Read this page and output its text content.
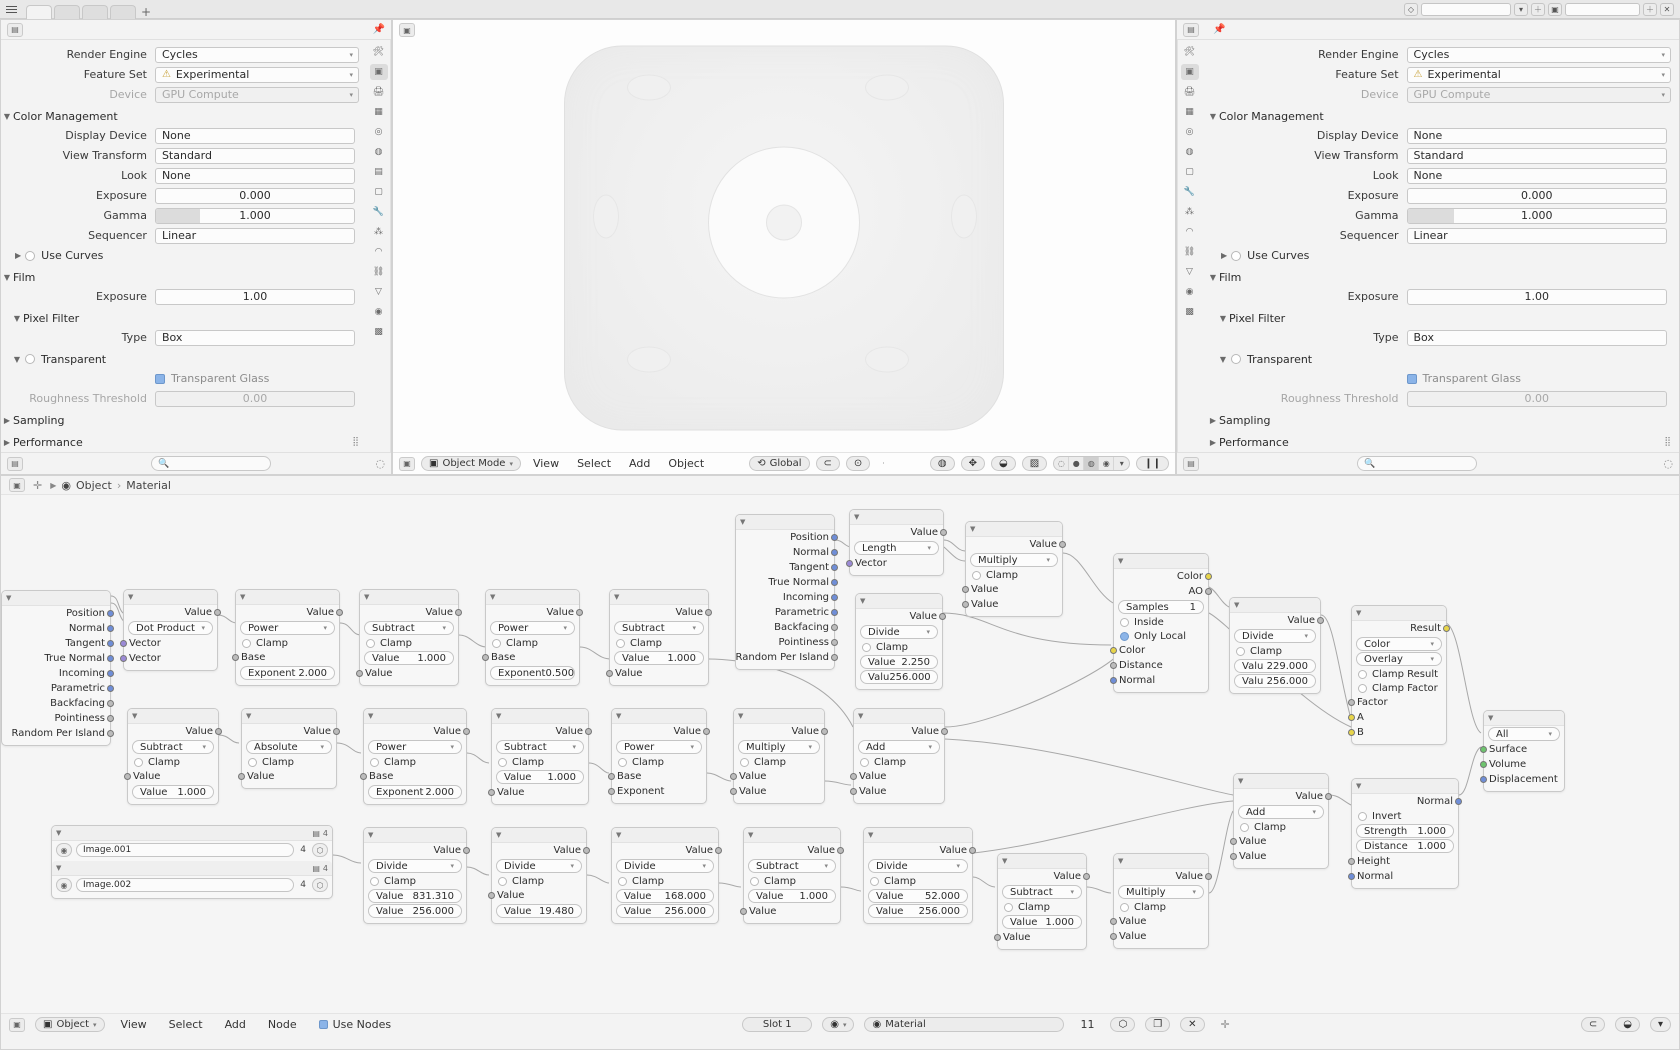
+	◇	▾	＋	▣	＋	✕
▤	📌
Render Engine	Cycles	▾
Feature Set	⚠ Experimental	▾
Device	GPU Compute	▾
▼ Color Management
Display Device	None
View Transform	Standard
Look	None
Exposure	0.000
Gamma	1.000
Sequencer	Linear
▶ Use Curves
▼ Film
Exposure	1.00
▼ Pixel Filter
Type	Box
▼ Transparent
Transparent Glass
Roughness Threshold	0.00
▶ Sampling
▶ Performance	⣿
🛠
▣
🖨
▦
◎
◍
▤
▢
🔧
⁂
◠
⛓
▽
◉
▩
▤	🔍	◌
▣
▣	▣ Object Mode ▾	View	Select	Add	Object	⟲ Global ⊂ ⊙	·	◍ ✥ ◒ ▨	◌	●	◍	◉	▾	❙❙
▤	📌
🛠
▣
🖨
▦
◎
◍
▢
🔧
⁂
◠
⛓
▽
◉
▩
Render Engine	Cycles	▾
Feature Set	⚠ Experimental	▾
Device	GPU Compute	▾
▼ Color Management
Display Device	None
View Transform	Standard
Look	None
Exposure	0.000
Gamma	1.000
Sequencer	Linear
▶ Use Curves
▼ Film
Exposure	1.00
▼ Pixel Filter
Type	Box
▼ Transparent
Transparent Glass
Roughness Threshold	0.00
▶ Sampling
▶ Performance	⣿
▤	🔍	◌
▣	✛ ▶ ◉ Object › Material
▼
Position
Normal
Tangent
True Normal
Incoming
Parametric
Backfacing
Pointiness
Random Per Island
▼
Value
Dot Product ▾
Vector
Vector
▼
Value
Power	▾
Clamp
Base
Exponent 2.000
▼
Value
Subtract	▾
Clamp
Value 1.000
Value
▼
Value
Power	▾
Clamp
Base
Exponent 0.500
▼
Value
Subtract	▾
Clamp
Value 1.000
Value
▼
Position
Normal
Tangent
True Normal
Incoming
Parametric
Backfacing
Pointiness
Random Per Island
▼
Value
Length	▾
Vector
▼
Value
Multiply	▾
Clamp
Value
Value
▼
Value
Divide	▾
Clamp
Value 2.250
Valu 256.000
▼
Color
AO
Samples 1
Inside
Only Local
Color
Distance
Normal
▼
Value
Divide	▾
Clamp
Valu 229.000
Valu 256.000
▼
Result
Color	▾
Overlay	▾
Clamp Result
Clamp Factor
Factor
A
B
▼
All	▾
Surface
Volume
Displacement
▼
Value
Subtract	▾
Clamp
Value
Value 1.000
▼
Value
Absolute	▾
Clamp
Value
▼
Value
Power	▾
Clamp
Base
Exponent 2.000
▼
Value
Subtract	▾
Clamp
Value 1.000
Value
▼
Value
Power	▾
Clamp
Base
Exponent
▼
Value
Multiply	▾
Clamp
Value
Value
▼
Value
Add	▾
Clamp
Value
Value
▼
Value
Add	▾
Clamp
Value
Value
▼
Normal
Invert
Strength 1.000
Distance 1.000
Height
Normal
▼	▤ 4
◉	Image.001	4	⬡
▼	▤ 4
◉	Image.002	4	⬡
▼
Value
Divide	▾
Clamp
Value 831.310
Value 256.000
▼
Value
Divide	▾
Clamp
Value
Value 19.480
▼
Value
Divide	▾
Clamp
Value 168.000
Value 256.000
▼
Value
Subtract	▾
Clamp
Value 1.000
Value
▼
Value
Divide	▾
Clamp
Value 52.000
Value 256.000
▼
Value
Subtract	▾
Clamp
Value 1.000
Value
▼
Value
Multiply	▾
Clamp
Value
Value
▣	▣ Object ▾	View	Select	Add	Node	Use Nodes	Slot 1	◉ ▾	◉ Material	11	⬡	❐	✕	✛	⊂	◒	▾
